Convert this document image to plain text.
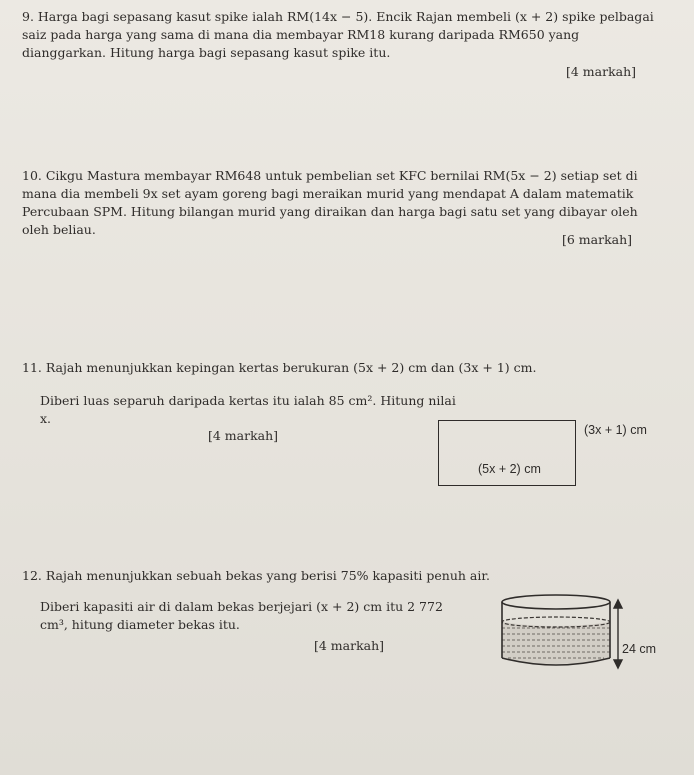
9. Harga bagi sepasang kasut spike ialah RM(14x − 5). Encik Rajan membeli (x + 2) spike pelbagai saiz pada harga yang sama di mana dia membayar RM18 kurang daripada RM650 yang dianggarkan. Hitung harga bagi sepasang kasut spike itu.
[4 markah]
10. Cikgu Mastura membayar RM648 untuk pembelian set KFC bernilai RM(5x − 2) setiap set di mana dia membeli 9x set ayam goreng bagi meraikan murid yang mendapat A dalam matematik Percubaan SPM. Hitung bilangan murid yang diraikan dan harga bagi satu set yang dibayar oleh oleh beliau.
[6 markah]
11. Rajah menunjukkan kepingan kertas berukuran (5x + 2) cm dan (3x + 1) cm.
Diberi luas separuh daripada kertas itu ialah 85 cm². Hitung nilai x.
[4 markah]	(3x + 1) cm
(5x + 2) cm
12. Rajah menunjukkan sebuah bekas yang berisi 75% kapasiti penuh air.
Diberi kapasiti air di dalam bekas berjejari (x + 2) cm itu 2 772 cm³, hitung diameter bekas itu.
[4 markah]	24 cm
